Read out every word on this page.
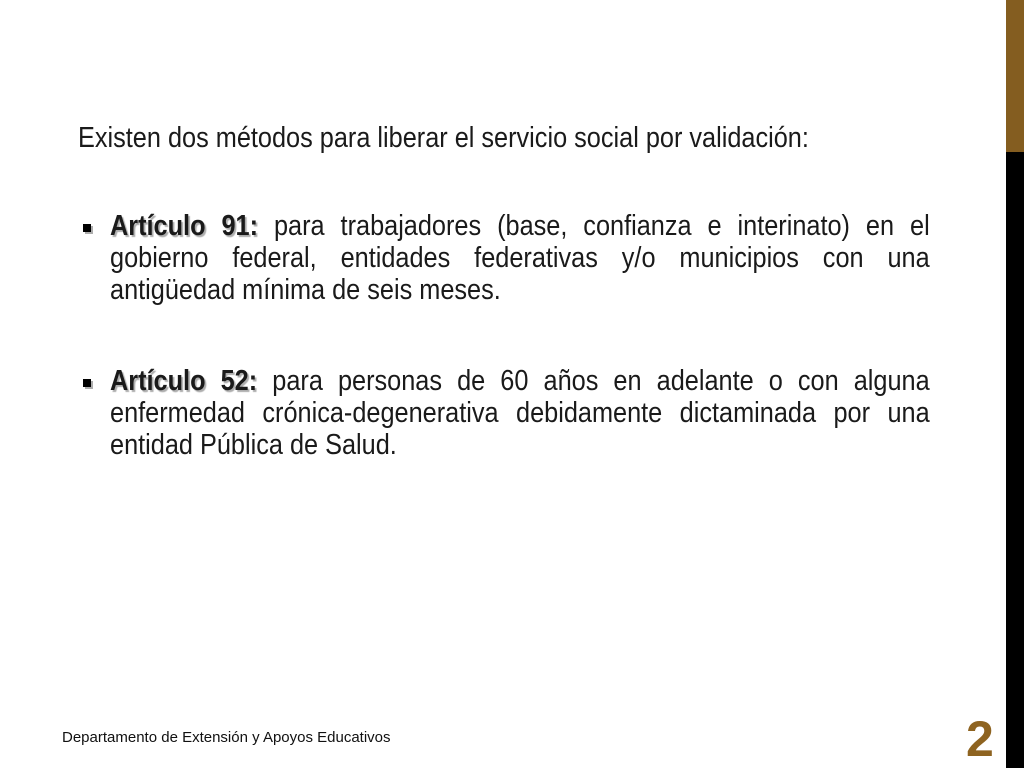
Existen dos métodos para liberar el servicio social por validación:
Artículo 91: para trabajadores (base, confianza e interinato) en el gobierno federal, entidades federativas y/o municipios con una antigüedad mínima de seis meses.
Artículo 52: para personas de 60 años en adelante o con alguna enfermedad crónica-degenerativa debidamente dictaminada por una entidad Pública de Salud.
Departamento de Extensión y Apoyos Educativos	2
